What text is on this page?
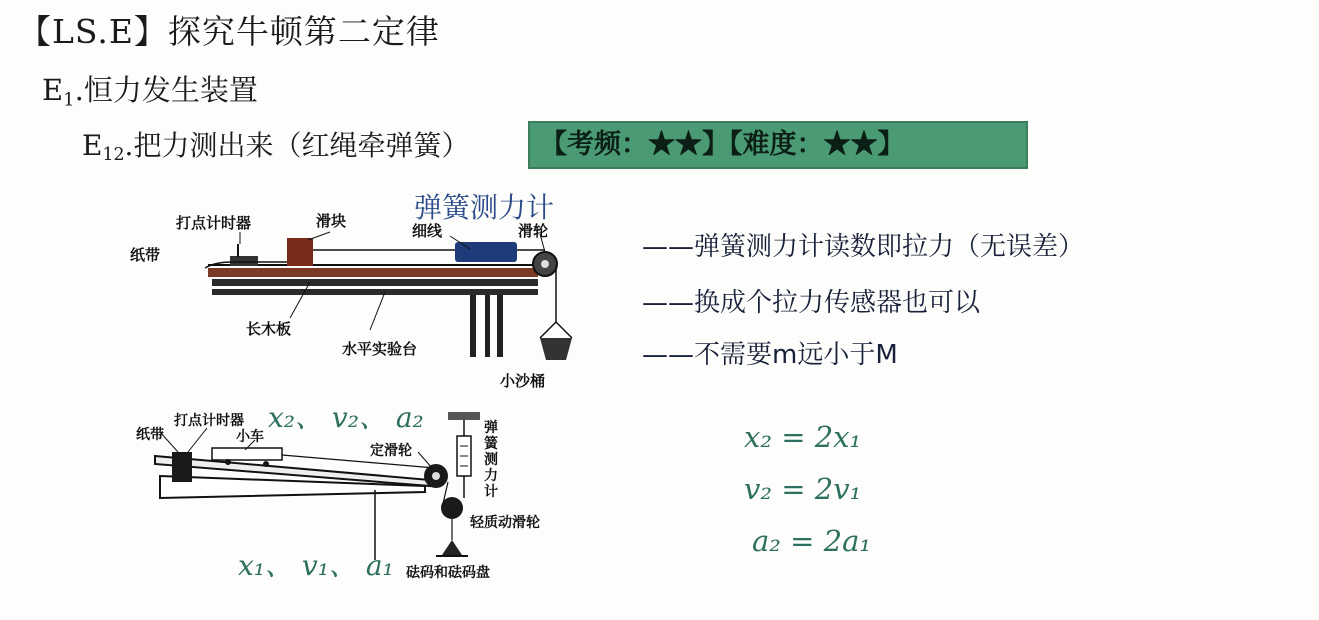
【LS.E】探究牛顿第二定律
$E_1$.恒力发生装置
$E_{12}$.把力测出来（红绳牵弹簧）	【考频：★★】【难度：★★】
打点计时器	滑块 弹簧测力计
细线	滑轮
纸带
长木板
水平实验台
小沙桶
——弹簧测力计读数即拉力（无误差）
——换成个拉力传感器也可以
——不需要m远小于M
纸带
打点计时器
小车
定滑轮
弹
簧
测
力
计
轻质动滑轮
砝码和砝码盘
x₂、 v₂、 a₂
x₁、 v₁、 a₁
x₂ = 2x₁
v₂ = 2v₁
a₂ = 2a₁
